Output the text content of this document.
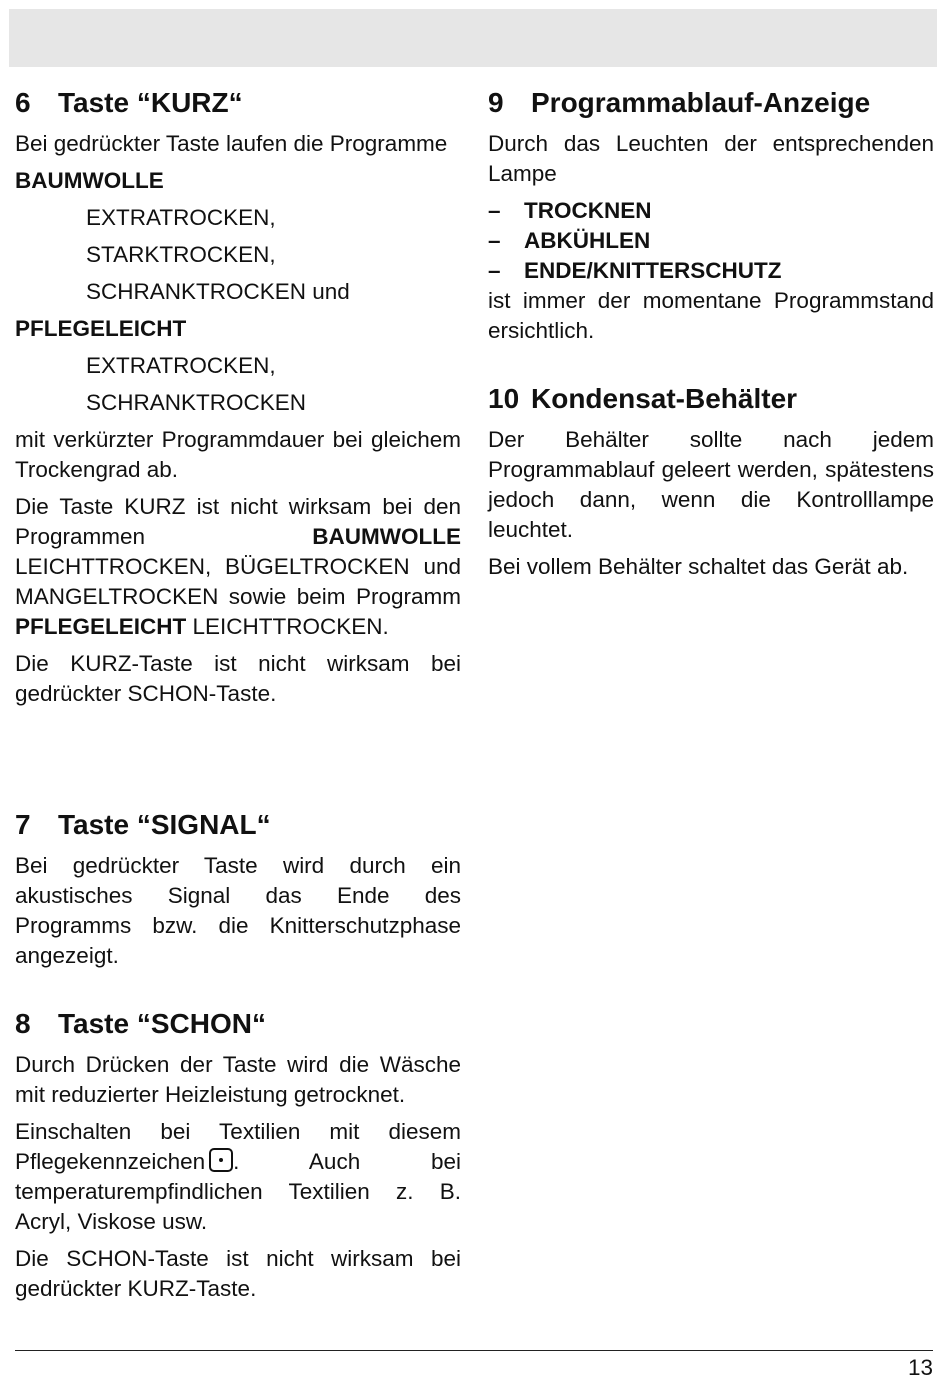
6 Taste “KURZ“

Bei gedrückter Taste laufen die Programme

BAUMWOLLE
EXTRATROCKEN,
STARKTROCKEN,
SCHRANKTROCKEN und
PFLEGELEICHT
EXTRATROCKEN,
SCHRANKTROCKEN

mit verkürzter Programmdauer bei gleichem Trockengrad ab.

Die Taste KURZ ist nicht wirksam bei den Programmen BAUMWOLLE LEICHTTROCKEN, BÜGELTROCKEN und MANGELTROCKEN sowie beim Programm PFLEGELEICHT LEICHTTROCKEN.

Die KURZ-Taste ist nicht wirksam bei gedrückter SCHON-Taste.

7 Taste “SIGNAL“

Bei gedrückter Taste wird durch ein akustisches Signal das Ende des Programms bzw. die Knitterschutzphase angezeigt.

8 Taste “SCHON“

Durch Drücken der Taste wird die Wäsche mit reduzierter Heizleistung getrocknet.

Einschalten bei Textilien mit diesem Pflegekennzeichen . Auch bei temperaturempfindlichen Textilien z. B. Acryl, Viskose usw.

Die SCHON-Taste ist nicht wirksam bei gedrückter KURZ-Taste.

9 Programmablauf-Anzeige

Durch das Leuchten der entsprechenden Lampe

–	TROCKNEN
–	ABKÜHLEN
–	ENDE/KNITTERSCHUTZ

ist immer der momentane Programmstand ersichtlich.

10 Kondensat-Behälter

Der Behälter sollte nach jedem Programmablauf geleert werden, spätestens jedoch dann, wenn die Kontrolllampe leuchtet.

Bei vollem Behälter schaltet das Gerät ab.

13
